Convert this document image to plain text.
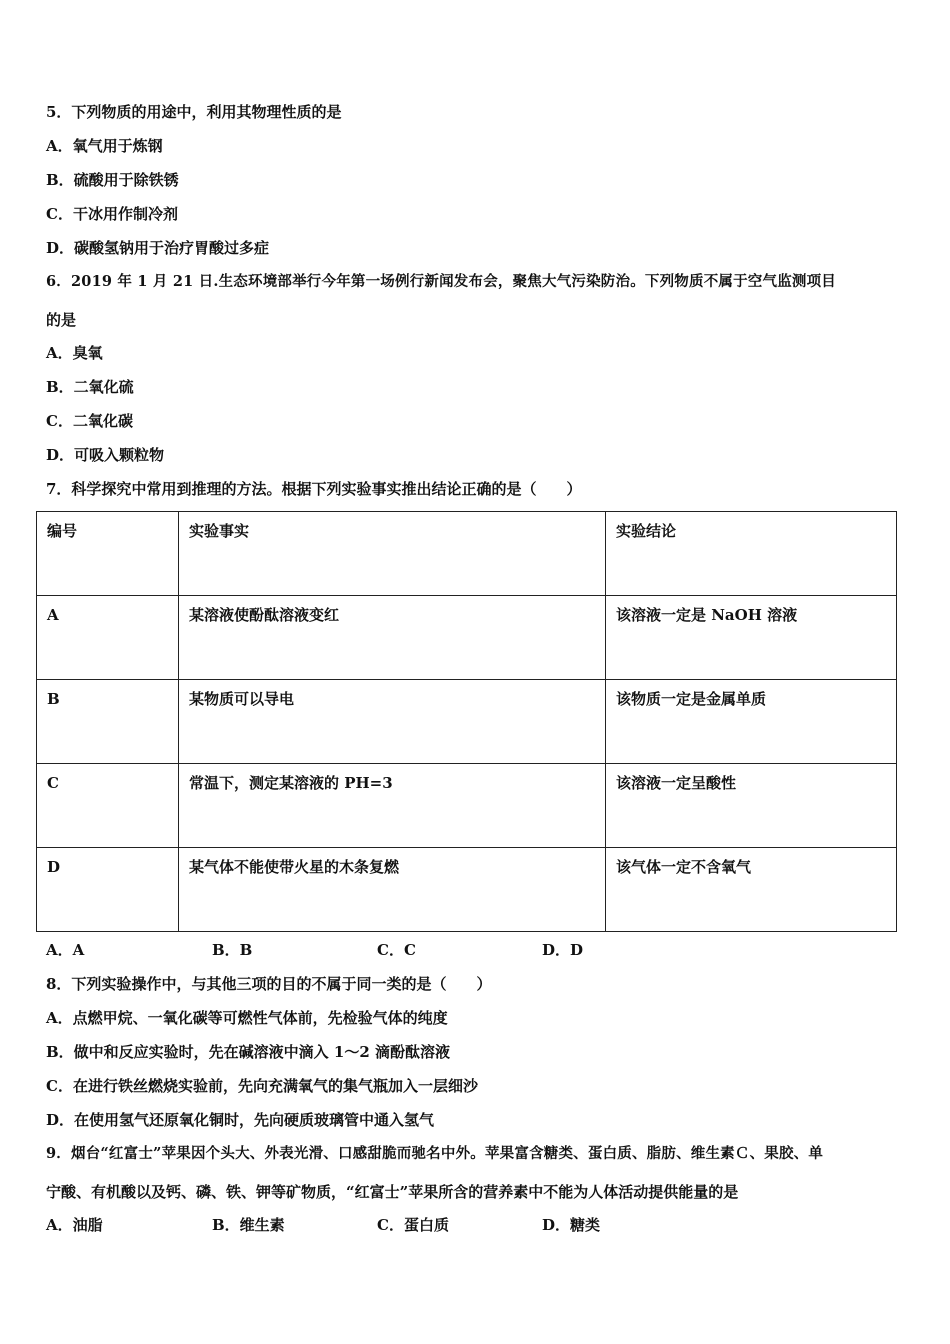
5．下列物质的用途中，利用其物理性质的是
A．氧气用于炼钢
B．硫酸用于除铁锈
C．干冰用作制冷剂
D．碳酸氢钠用于治疗胃酸过多症
6．2019 年 1 月 21 日.生态环境部举行今年第一场例行新闻发布会，聚焦大气污染防治。下列物质不属于空气监测项目
的是
A．臭氧
B．二氧化硫
C．二氧化碳
D．可吸入颗粒物
7．科学探究中常用到推理的方法。根据下列实验事实推出结论正确的是（　　）
编号	实验事实	实验结论
A	某溶液使酚酞溶液变红	该溶液一定是 NaOH 溶液
B	某物质可以导电	该物质一定是金属单质
C	常温下，测定某溶液的 PH=3	该溶液一定呈酸性
D	某气体不能使带火星的木条复燃	该气体一定不含氧气
A．A	B．B	C．C	D．D
8．下列实验操作中，与其他三项的目的不属于同一类的是（　　）
A．点燃甲烷、一氧化碳等可燃性气体前，先检验气体的纯度
B．做中和反应实验时，先在碱溶液中滴入 1～2 滴酚酞溶液
C．在进行铁丝燃烧实验前，先向充满氧气的集气瓶加入一层细沙
D．在使用氢气还原氧化铜时，先向硬质玻璃管中通入氢气
9．烟台“红富士”苹果因个头大、外表光滑、口感甜脆而驰名中外。苹果富含糖类、蛋白质、脂肪、维生素Ｃ、果胶、单
宁酸、有机酸以及钙、磷、铁、钾等矿物质，“红富士”苹果所含的营养素中不能为人体活动提供能量的是
A．油脂	B．维生素	C．蛋白质	D．糖类
